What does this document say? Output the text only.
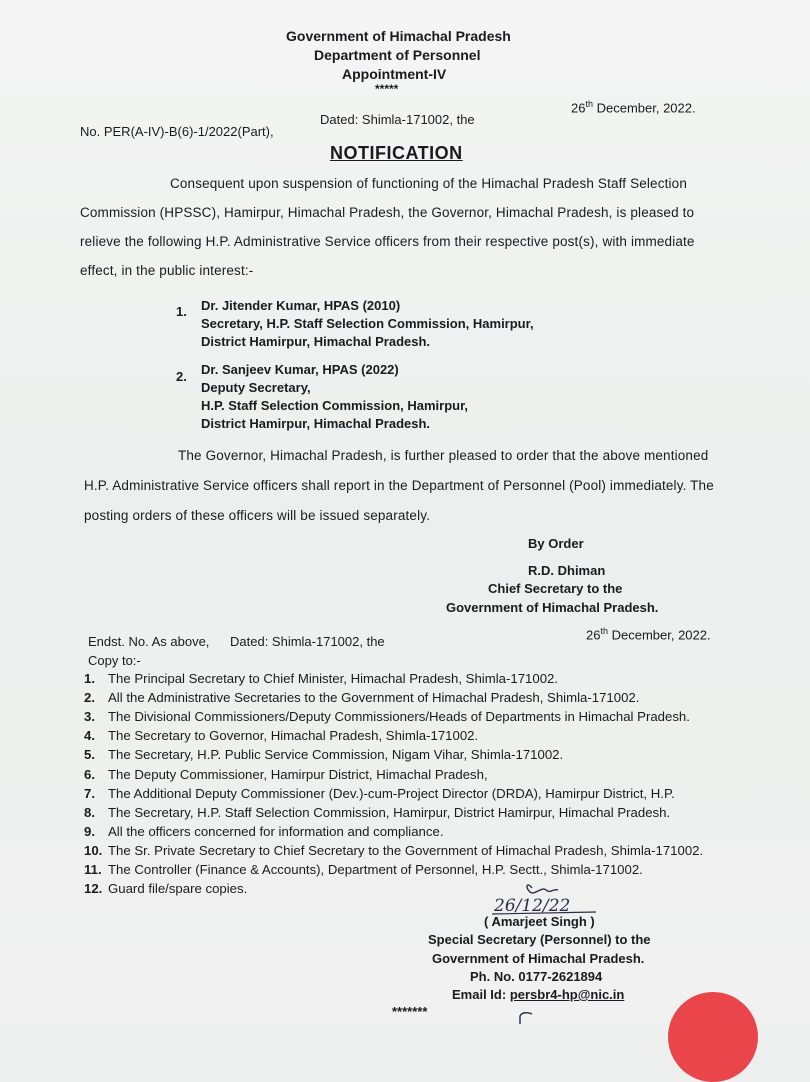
Government of Himachal Pradesh
Department of Personnel
Appointment-IV
*****
No. PER(A-IV)-B(6)-1/2022(Part),
Dated: Shimla-171002, the
26th December, 2022.
NOTIFICATION
Consequent upon suspension of functioning of the Himachal Pradesh Staff Selection
Commission (HPSSC), Hamirpur, Himachal Pradesh, the Governor, Himachal Pradesh, is pleased to
relieve the following H.P. Administrative Service officers from their respective post(s), with immediate
effect, in the public interest:-
1. Dr. Jitender Kumar, HPAS (2010)
Secretary, H.P. Staff Selection Commission, Hamirpur,
District Hamirpur, Himachal Pradesh.
2. Dr. Sanjeev Kumar, HPAS (2022)
Deputy Secretary,
H.P. Staff Selection Commission, Hamirpur,
District Hamirpur, Himachal Pradesh.
The Governor, Himachal Pradesh, is further pleased to order that the above mentioned
H.P. Administrative Service officers shall report in the Department of Personnel (Pool) immediately. The
posting orders of these officers will be issued separately.
By Order
R.D. Dhiman
Chief Secretary to the
Government of Himachal Pradesh.
Endst. No. As above, Dated: Shimla-171002, the	26th December, 2022.
Copy to:-
1. The Principal Secretary to Chief Minister, Himachal Pradesh, Shimla-171002.
2. All the Administrative Secretaries to the Government of Himachal Pradesh, Shimla-171002.
3. The Divisional Commissioners/Deputy Commissioners/Heads of Departments in Himachal Pradesh.
4. The Secretary to Governor, Himachal Pradesh, Shimla-171002.
5. The Secretary, H.P. Public Service Commission, Nigam Vihar, Shimla-171002.
6. The Deputy Commissioner, Hamirpur District, Himachal Pradesh,
7. The Additional Deputy Commissioner (Dev.)-cum-Project Director (DRDA), Hamirpur District, H.P.
8. The Secretary, H.P. Staff Selection Commission, Hamirpur, District Hamirpur, Himachal Pradesh.
9. All the officers concerned for information and compliance.
10. The Sr. Private Secretary to Chief Secretary to the Government of Himachal Pradesh, Shimla-171002.
11. The Controller (Finance & Accounts), Department of Personnel, H.P. Sectt., Shimla-171002.
12. Guard file/spare copies.
26/12/22
( Amarjeet Singh )
Special Secretary (Personnel) to the
Government of Himachal Pradesh.
Ph. No. 0177-2621894
Email Id: persbr4-hp@nic.in
*******
